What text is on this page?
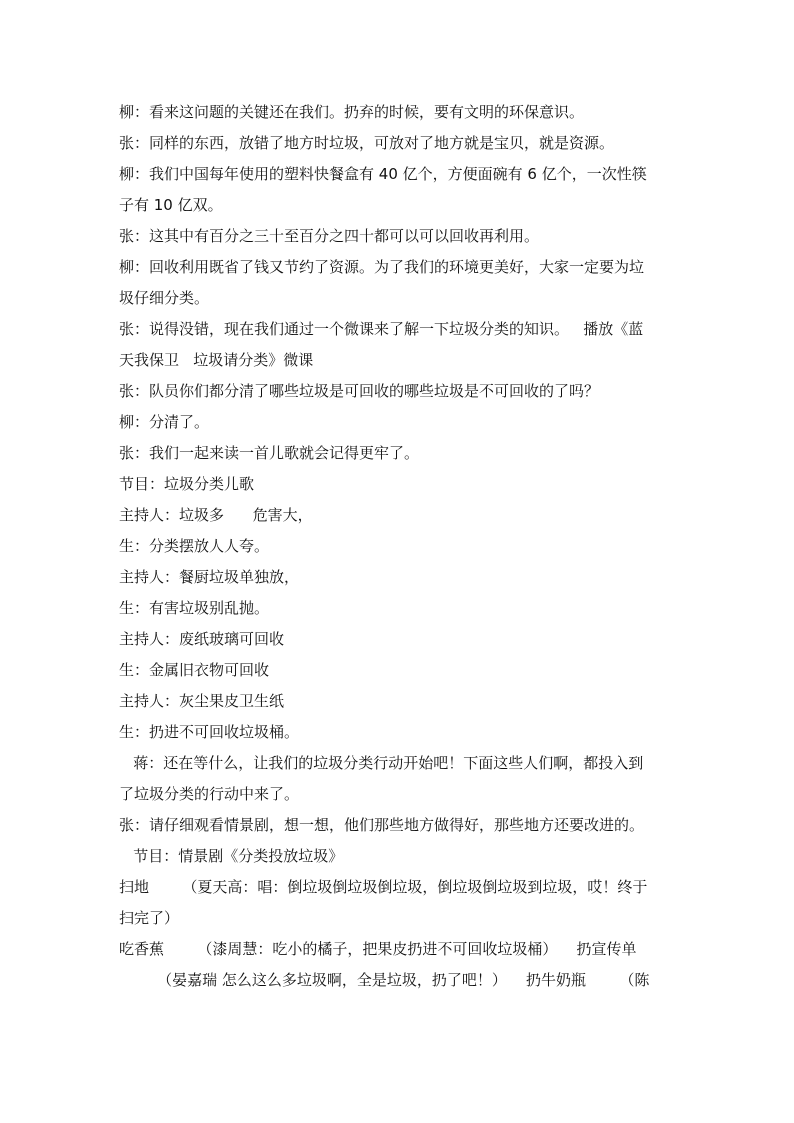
柳：看来这问题的关键还在我们。扔弃的时候，要有文明的环保意识。
张：同样的东西，放错了地方时垃圾，可放对了地方就是宝贝，就是资源。
柳：我们中国每年使用的塑料快餐盒有 40 亿个，方便面碗有 6 亿个，一次性筷
子有 10 亿双。
张：这其中有百分之三十至百分之四十都可以可以回收再利用。
柳：回收利用既省了钱又节约了资源。为了我们的环境更美好，大家一定要为垃
圾仔细分类。
张：说得没错，现在我们通过一个微课来了解一下垃圾分类的知识。   播放《蓝
天我保卫   垃圾请分类》微课
张：队员你们都分清了哪些垃圾是可回收的哪些垃圾是不可回收的了吗？
柳：分清了。
张：我们一起来读一首儿歌就会记得更牢了。
节目：垃圾分类儿歌
主持人：垃圾多      危害大，
生：分类摆放人人夸。
主持人：餐厨垃圾单独放，
生：有害垃圾别乱抛。
主持人：废纸玻璃可回收
生：金属旧衣物可回收
主持人：灰尘果皮卫生纸
生：扔进不可回收垃圾桶。
蒋：还在等什么，让我们的垃圾分类行动开始吧！下面这些人们啊，都投入到
了垃圾分类的行动中来了。
张：请仔细观看情景剧，想一想，他们那些地方做得好，那些地方还要改进的。
节目：情景剧《分类投放垃圾》
扫地       （夏天高：唱：倒垃圾倒垃圾倒垃圾，倒垃圾倒垃圾到垃圾，哎！终于
扫完了）
吃香蕉       （漆周慧：吃小的橘子，把果皮扔进不可回收垃圾桶）    扔宣传单
（晏嘉瑞 怎么这么多垃圾啊，全是垃圾，扔了吧！）    扔牛奶瓶       （陈
